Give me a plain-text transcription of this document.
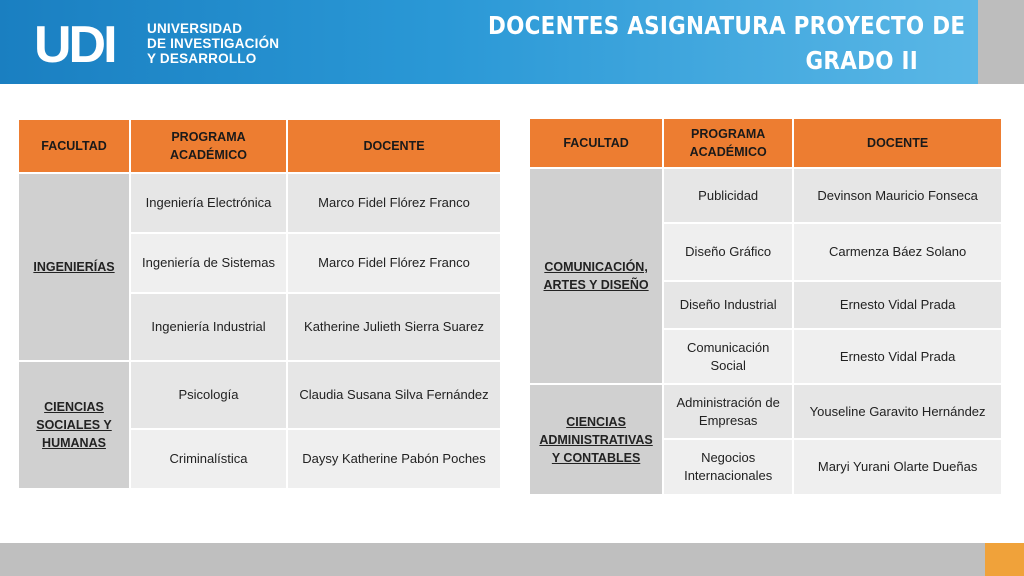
UDI UNIVERSIDAD
DE INVESTIGACIÓN
Y DESARROLLO
DOCENTES ASIGNATURA PROYECTO DE
GRADO II
FACULTAD	PROGRAMA ACADÉMICO	DOCENTE
INGENIERÍAS	Ingeniería Electrónica	Marco Fidel Flórez Franco
	Ingeniería de Sistemas	Marco Fidel Flórez Franco
	Ingeniería Industrial	Katherine Julieth Sierra Suarez
CIENCIAS SOCIALES Y HUMANAS	Psicología	Claudia Susana Silva Fernández
	Criminalística	Daysy Katherine Pabón Poches
FACULTAD	PROGRAMA ACADÉMICO	DOCENTE
COMUNICACIÓN, ARTES Y DISEÑO	Publicidad	Devinson Mauricio Fonseca
	Diseño Gráfico	Carmenza Báez Solano
	Diseño Industrial	Ernesto Vidal Prada
	Comunicación Social	Ernesto Vidal Prada
CIENCIAS ADMINISTRATIVAS Y CONTABLES	Administración de Empresas	Youseline Garavito Hernández
	Negocios Internacionales	Maryi Yurani Olarte Dueñas
